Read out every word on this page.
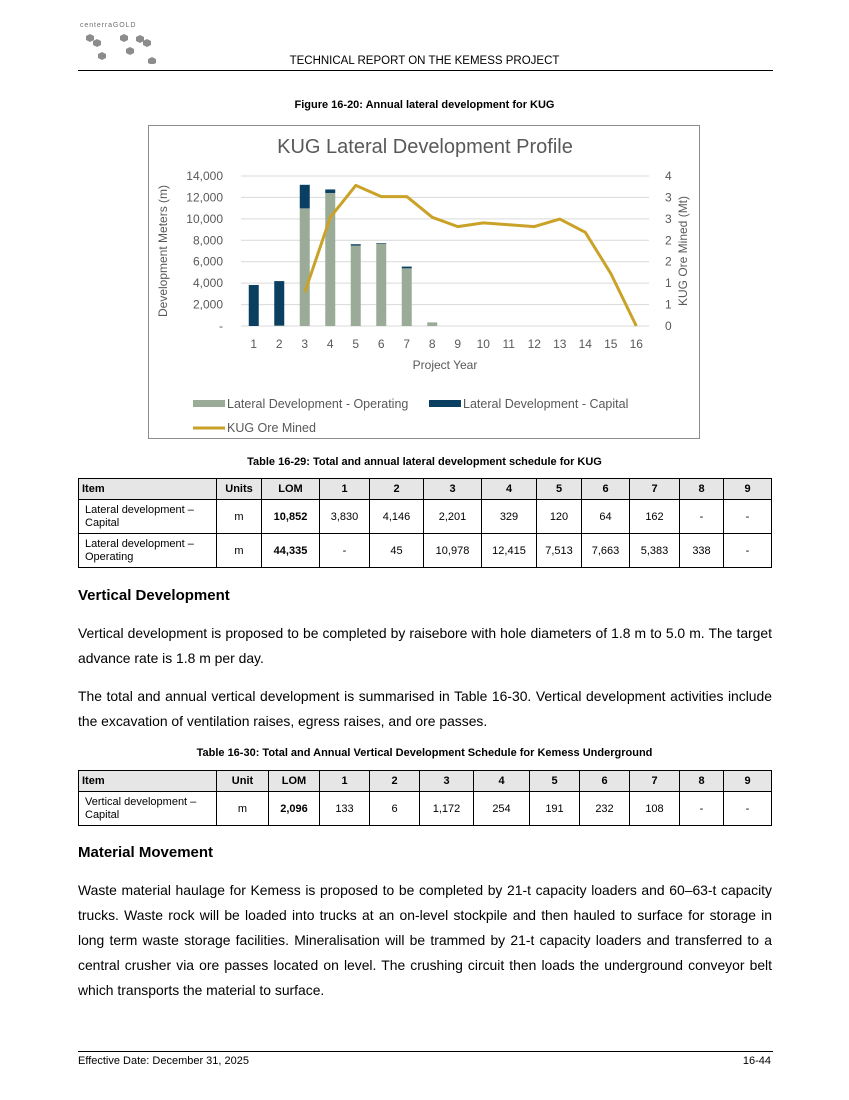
centerraGOLD
TECHNICAL REPORT ON THE KEMESS PROJECT
Figure 16-20: Annual lateral development for KUG
KUG Lateral Development Profile
-
2,000
4,000
6,000
8,000
10,000
12,000
14,000
0
1
1
2
2
3
3
4
1 2 3 4 5 6 7 8 9 10 11 12 13 14 15 16
Development Meters (m)	KUG Ore Mined (Mt)
Project Year
Lateral Development - Operating	Lateral Development - Capital
KUG Ore Mined
Table 16-29: Total and annual lateral development schedule for KUG
Item	Units	LOM	1	2	3	4	5	6	7	8	9
Lateral development – Capital	m	10,852	3,830	4,146	2,201	329	120	64	162	-	-
Lateral development – Operating	m	44,335	-	45	10,978	12,415	7,513	7,663	5,383	338	-
Vertical Development

Vertical development is proposed to be completed by raisebore with hole diameters of 1.8 m to 5.0 m. The target advance rate is 1.8 m per day.

The total and annual vertical development is summarised in Table 16-30. Vertical development activities include the excavation of ventilation raises, egress raises, and ore passes.

Table 16-30: Total and Annual Vertical Development Schedule for Kemess Underground
Item	Unit	LOM	1	2	3	4	5	6	7	8	9
Vertical development – Capital	m	2,096	133	6	1,172	254	191	232	108	-	-
Material Movement

Waste material haulage for Kemess is proposed to be completed by 21-t capacity loaders and 60–63-t capacity trucks. Waste rock will be loaded into trucks at an on-level stockpile and then hauled to surface for storage in long term waste storage facilities. Mineralisation will be trammed by 21-t capacity loaders and transferred to a central crusher via ore passes located on level. The crushing circuit then loads the underground conveyor belt which transports the material to surface.

Effective Date: December 31, 2025	16-44
